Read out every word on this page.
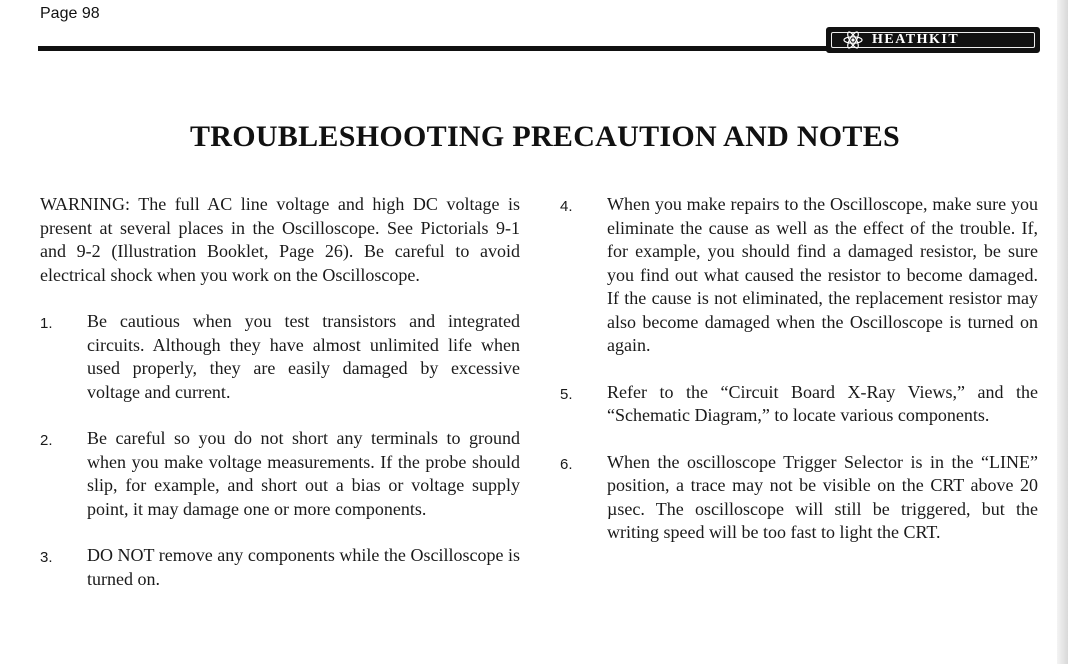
Page 98
HEATHKIT
TROUBLESHOOTING PRECAUTION AND NOTES

WARNING: The full AC line voltage and high DC voltage is present at several places in the Oscilloscope. See Pictorials 9-1 and 9-2 (Illustration Booklet, Page 26). Be careful to avoid electrical shock when you work on the Oscilloscope.

1.	Be cautious when you test transistors and integrated circuits. Although they have almost unlimited life when used properly, they are easily damaged by excessive voltage and current.
2.	Be careful so you do not short any terminals to ground when you make voltage measurements. If the probe should slip, for example, and short out a bias or voltage supply point, it may damage one or more components.
3.	DO NOT remove any components while the Oscilloscope is turned on.
4.	When you make repairs to the Oscilloscope, make sure you eliminate the cause as well as the effect of the trouble. If, for example, you should find a damaged resistor, be sure you find out what caused the resistor to become damaged. If the cause is not eliminated, the replacement resistor may also become damaged when the Oscilloscope is turned on again.
5.	Refer to the “Circuit Board X-Ray Views,” and the “Schematic Diagram,” to locate various components.
6.	When the oscilloscope Trigger Selector is in the “LINE” position, a trace may not be visible on the CRT above 20 µsec. The oscilloscope will still be triggered, but the writing speed will be too fast to light the CRT.
